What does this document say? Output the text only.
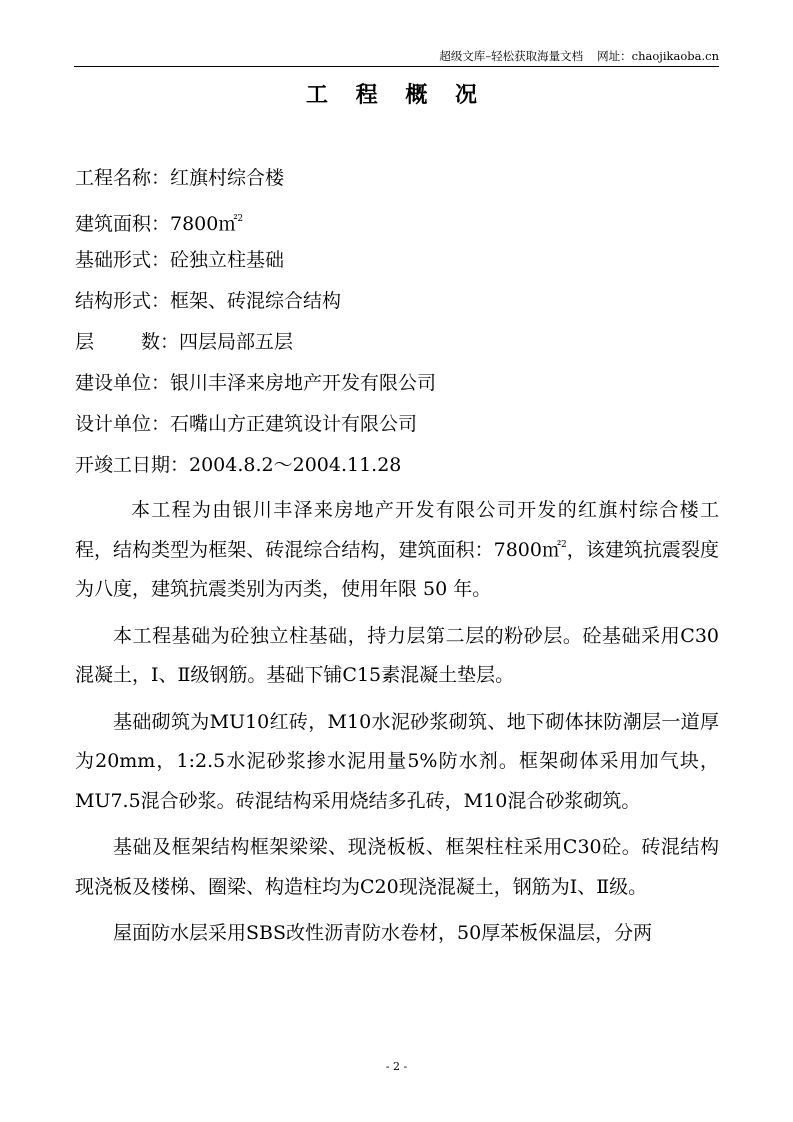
超级文库–轻松获取海量文档 网址：chaojikaoba.cn
工 程 概 况
工程名称：红旗村综合楼
建筑面积：7800㎡$^2$
基础形式：砼独立柱基础
结构形式：框架、砖混综合结构
层 数：四层局部五层
建设单位：银川丰泽来房地产开发有限公司
设计单位：石嘴山方正建筑设计有限公司
开竣工日期：2004.8.2～2004.11.28

本工程为由银川丰泽来房地产开发有限公司开发的红旗村综合楼工程，结构类型为框架、砖混综合结构，建筑面积：7800㎡$^2$，该建筑抗震裂度为八度，建筑抗震类别为丙类，使用年限 50 年。

本工程基础为砼独立柱基础，持力层第二层的粉砂层。砼基础采用C30混凝土，Ⅰ、Ⅱ级钢筋。基础下铺C15素混凝土垫层。

基础砌筑为MU10红砖，M10水泥砂浆砌筑、地下砌体抹防潮层一道厚为20mm，1:2.5水泥砂浆掺水泥用量5%防水剂。框架砌体采用加气块，MU7.5混合砂浆。砖混结构采用烧结多孔砖，M10混合砂浆砌筑。

基础及框架结构框架梁梁、现浇板板、框架柱柱采用C30砼。砖混结构现浇板及楼梯、圈梁、构造柱均为C20现浇混凝土，钢筋为Ⅰ、Ⅱ级。

屋面防水层采用SBS改性沥青防水卷材，50厚苯板保温层，分两

- 2 -
